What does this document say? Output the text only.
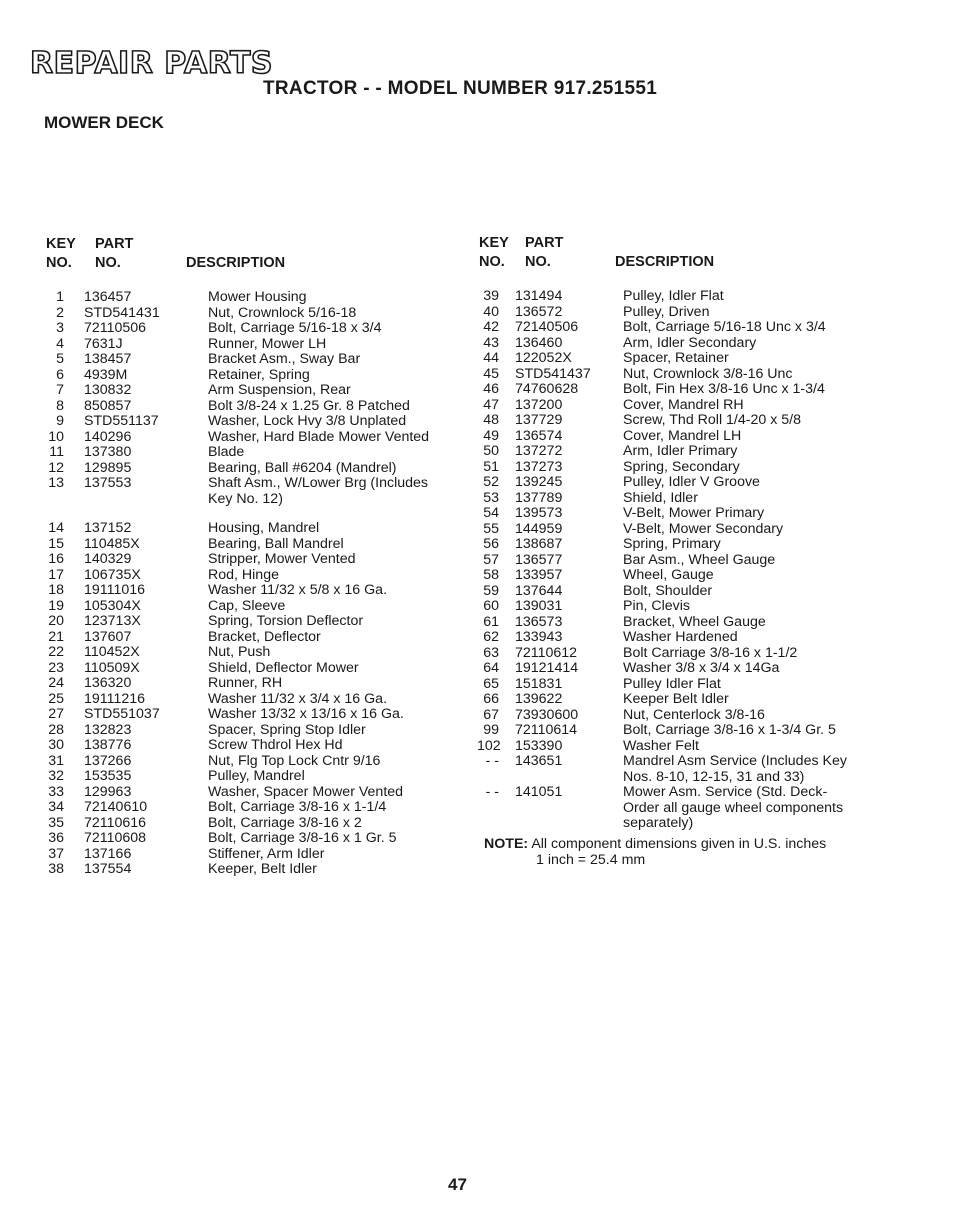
REPAIR PARTS
TRACTOR - - MODEL NUMBER 917.251551
MOWER DECK
KEY PART
NO. NO.	DESCRIPTION
1	136457	Mower Housing
2	STD541431	Nut, Crownlock 5/16-18
3	72110506	Bolt, Carriage 5/16-18 x 3/4
4	7631J	Runner, Mower LH
5	138457	Bracket Asm., Sway Bar
6	4939M	Retainer, Spring
7	130832	Arm Suspension, Rear
8	850857	Bolt 3/8-24 x 1.25 Gr. 8 Patched
9	STD551137	Washer, Lock Hvy 3/8 Unplated
10	140296	Washer, Hard Blade Mower Vented
11	137380	Blade
12	129895	Bearing, Ball #6204 (Mandrel)
13	137553	Shaft Asm., W/Lower Brg (Includes
Key No. 12)
14	137152	Housing, Mandrel
15	110485X	Bearing, Ball Mandrel
16	140329	Stripper, Mower Vented
17	106735X	Rod, Hinge
18	19111016	Washer 11/32 x 5/8 x 16 Ga.
19	105304X	Cap, Sleeve
20	123713X	Spring, Torsion Deflector
21	137607	Bracket, Deflector
22	110452X	Nut, Push
23	110509X	Shield, Deflector Mower
24	136320	Runner, RH
25	19111216	Washer 11/32 x 3/4 x 16 Ga.
27	STD551037	Washer 13/32 x 13/16 x 16 Ga.
28	132823	Spacer, Spring Stop Idler
30	138776	Screw Thdrol Hex Hd
31	137266	Nut, Flg Top Lock Cntr 9/16
32	153535	Pulley, Mandrel
33	129963	Washer, Spacer Mower Vented
34	72140610	Bolt, Carriage 3/8-16 x 1-1/4
35	72110616	Bolt, Carriage 3/8-16 x 2
36	72110608	Bolt, Carriage 3/8-16 x 1 Gr. 5
37	137166	Stiffener, Arm Idler
38	137554	Keeper, Belt Idler
KEY PART
NO. NO.	DESCRIPTION
39	131494	Pulley, Idler Flat
40	136572	Pulley, Driven
42	72140506	Bolt, Carriage 5/16-18 Unc x 3/4
43	136460	Arm, Idler Secondary
44	122052X	Spacer, Retainer
45	STD541437	Nut, Crownlock 3/8-16 Unc
46	74760628	Bolt, Fin Hex 3/8-16 Unc x 1-3/4
47	137200	Cover, Mandrel RH
48	137729	Screw, Thd Roll 1/4-20 x 5/8
49	136574	Cover, Mandrel LH
50	137272	Arm, Idler Primary
51	137273	Spring, Secondary
52	139245	Pulley, Idler V Groove
53	137789	Shield, Idler
54	139573	V-Belt, Mower Primary
55	144959	V-Belt, Mower Secondary
56	138687	Spring, Primary
57	136577	Bar Asm., Wheel Gauge
58	133957	Wheel, Gauge
59	137644	Bolt, Shoulder
60	139031	Pin, Clevis
61	136573	Bracket, Wheel Gauge
62	133943	Washer Hardened
63	72110612	Bolt Carriage 3/8-16 x 1-1/2
64	19121414	Washer 3/8 x 3/4 x 14Ga
65	151831	Pulley Idler Flat
66	139622	Keeper Belt Idler
67	73930600	Nut, Centerlock 3/8-16
99	72110614	Bolt, Carriage 3/8-16 x 1-3/4 Gr. 5
102	153390	Washer Felt
- -	143651	Mandrel Asm Service (Includes Key
Nos. 8-10, 12-15, 31 and 33)
- -	141051	Mower Asm. Service (Std. Deck-
Order all gauge wheel components
separately)
NOTE: All component dimensions given in U.S. inches
1 inch = 25.4 mm
47
